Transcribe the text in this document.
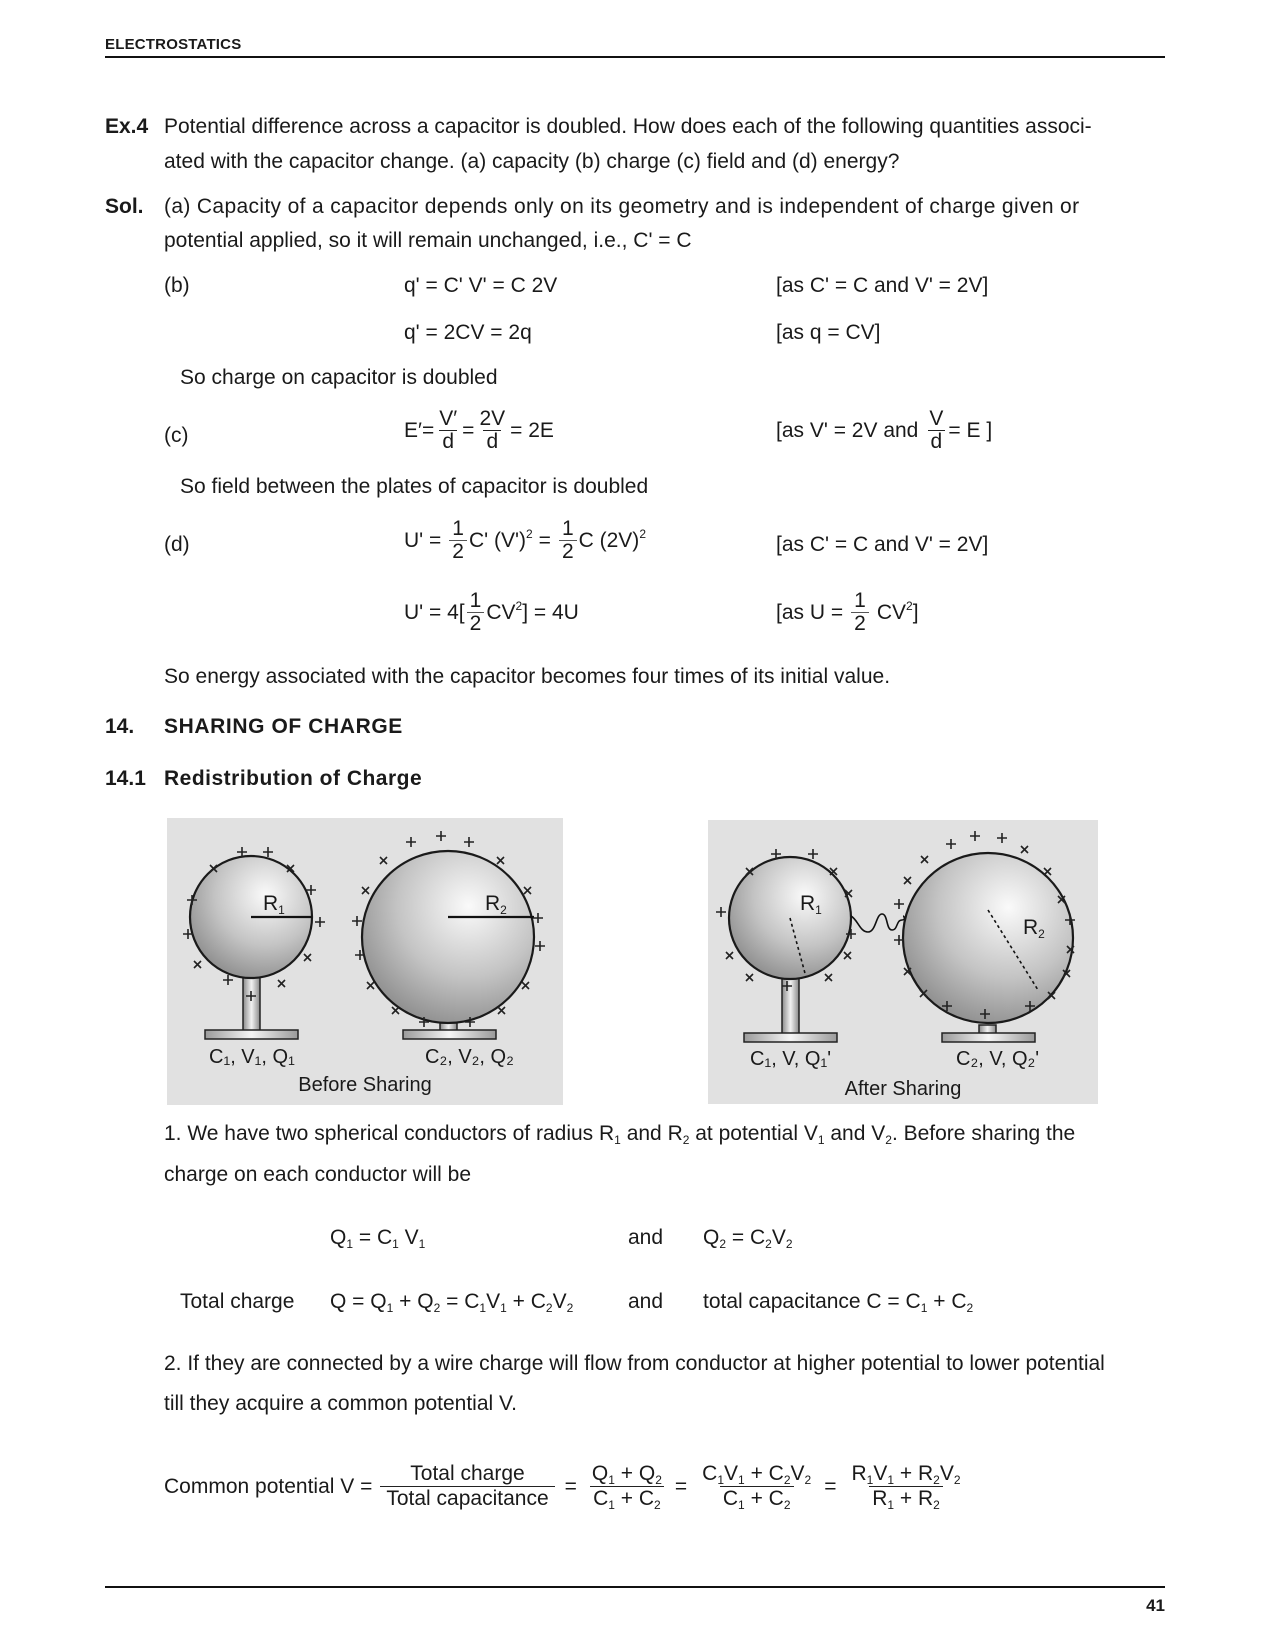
ELECTROSTATICS
Ex.4 Potential difference across a capacitor is doubled. How does each of the following quantities associ-
ated with the capacitor change. (a) capacity (b) charge (c) field and (d) energy?
Sol. (a) Capacity of a capacitor depends only on its geometry and is independent of charge given or
potential applied, so it will remain unchanged, i.e., C' = C
(b)	q' = C' V' = C 2V	[as C' = C and V' = 2V]
q' = 2CV = 2q	[as q = CV]
So charge on capacitor is doubled
(c)	$E'= \frac{V'}{d} = \frac{2V}{d} = 2E$	[as V' = 2V and $\frac{V}{d} = E$ ]
So field between the plates of capacitor is doubled
(d)	$U' = \frac{1}{2} C'$ $(V')^2 = \frac{1}{2}$ C $(2V)^2$	[as C' = C and V' = 2V]
$U' = 4[ \frac{1}{2} CV^2$ ] = 4U	[as $U = \frac{1}{2} CV^2$ ]
So energy associated with the capacitor becomes four times of its initial value.
14. SHARING OF CHARGE
14.1 Redistribution of Charge
$R_1$	$R_2$
C₁, V₁, Q₁	C₂, V₂, Q₂
Before Sharing
$R_1$
$R_2$
C₁, V, Q₁'	C₂, V, Q₂'
After Sharing
1. We have two spherical conductors of radius $R_1$ and $R_2$ at potential $V_1$ and $V_2$. Before sharing the
charge on each conductor will be
$Q_1 = C_1$ $V_1$	and $Q_2 = C_2V_2$
Total charge $Q = Q_1 + Q_2 = C_1V_1 + C_2V_2$	and total capacitance $C = C_1 + C_2$
2. If they are connected by a wire charge will flow from conductor at higher potential to lower potential
till they acquire a common potential V.
Common potential $V = \frac{\text{Total charge}}{\text{Total capacitance}} = \frac{Q_1 + Q_2}{C_1 + C_2} = \frac{C_1V_1 + C_2V_2}{C_1 + C_2} = \frac{R_1V_1 + R_2V_2}{R_1 + R_2}$
41
